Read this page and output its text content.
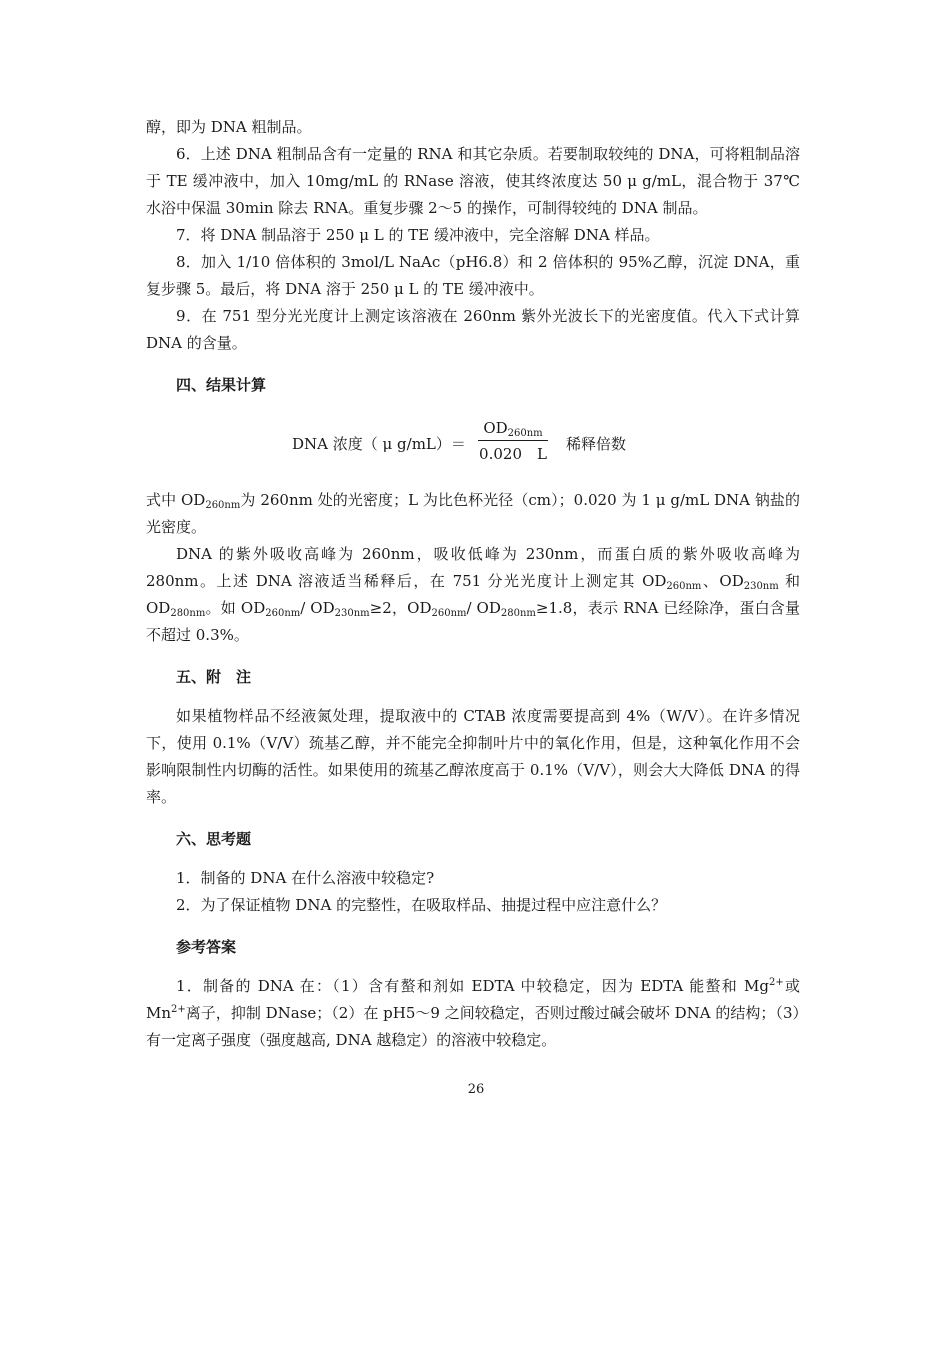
醇，即为 DNA 粗制品。

6．上述 DNA 粗制品含有一定量的 RNA 和其它杂质。若要制取较纯的 DNA，可将粗制品溶于 TE 缓冲液中，加入 10mg/mL 的 RNase 溶液，使其终浓度达 50 μ g/mL，混合物于 37℃水浴中保温 30min 除去 RNA。重复步骤 2～5 的操作，可制得较纯的 DNA 制品。

7．将 DNA 制品溶于 250 μ L 的 TE 缓冲液中，完全溶解 DNA 样品。

8．加入 1/10 倍体积的 3mol/L NaAc（pH6.8）和 2 倍体积的 95%乙醇，沉淀 DNA，重复步骤 5。最后，将 DNA 溶于 250 μ L 的 TE 缓冲液中。

9．在 751 型分光光度计上测定该溶液在 260nm 紫外光波长下的光密度值。代入下式计算 DNA 的含量。

四、结果计算
DNA 浓度（ μ $g/mL)= \frac{OD_{260nm}}{0.020 L}$ 稀释倍数

式中 $OD_{260nm}$为 260nm 处的光密度；L 为比色杯光径（cm）；0.020 为 1 μ g/mL DNA 钠盐的光密度。

DNA 的紫外吸收高峰为 260nm，吸收低峰为 230nm，而蛋白质的紫外吸收高峰为 280nm。上述 DNA 溶液适当稀释后，在 751 分光光度计上测定其 $OD_{260nm}$、$OD_{230nm}$ 和 $OD_{280nm}$。如 $OD_{260nm}/$ $OD_{230nm}\ge 2$，$OD_{260nm}/$ $OD_{280nm}\ge 1.8$，表示 RNA 已经除净，蛋白含量不超过 0.3%。

五、附　注

如果植物样品不经液氮处理，提取液中的 CTAB 浓度需要提高到 4%（W/V）。在许多情况下，使用 0.1%（V/V）巯基乙醇，并不能完全抑制叶片中的氧化作用，但是，这种氧化作用不会影响限制性内切酶的活性。如果使用的巯基乙醇浓度高于 0.1%（V/V），则会大大降低 DNA 的得率。

六、思考题

1．制备的 DNA 在什么溶液中较稳定?

2．为了保证植物 DNA 的完整性，在吸取样品、抽提过程中应注意什么？

参考答案

1．制备的 DNA 在：（1）含有螯和剂如 EDTA 中较稳定，因为 EDTA 能螯和 $Mg^{2+}$或 $Mn^{2+}$离子，抑制 DNase；（2）在 pH5～9 之间较稳定，否则过酸过碱会破坏 DNA 的结构；（3）有一定离子强度（强度越高, DNA 越稳定）的溶液中较稳定。

26
